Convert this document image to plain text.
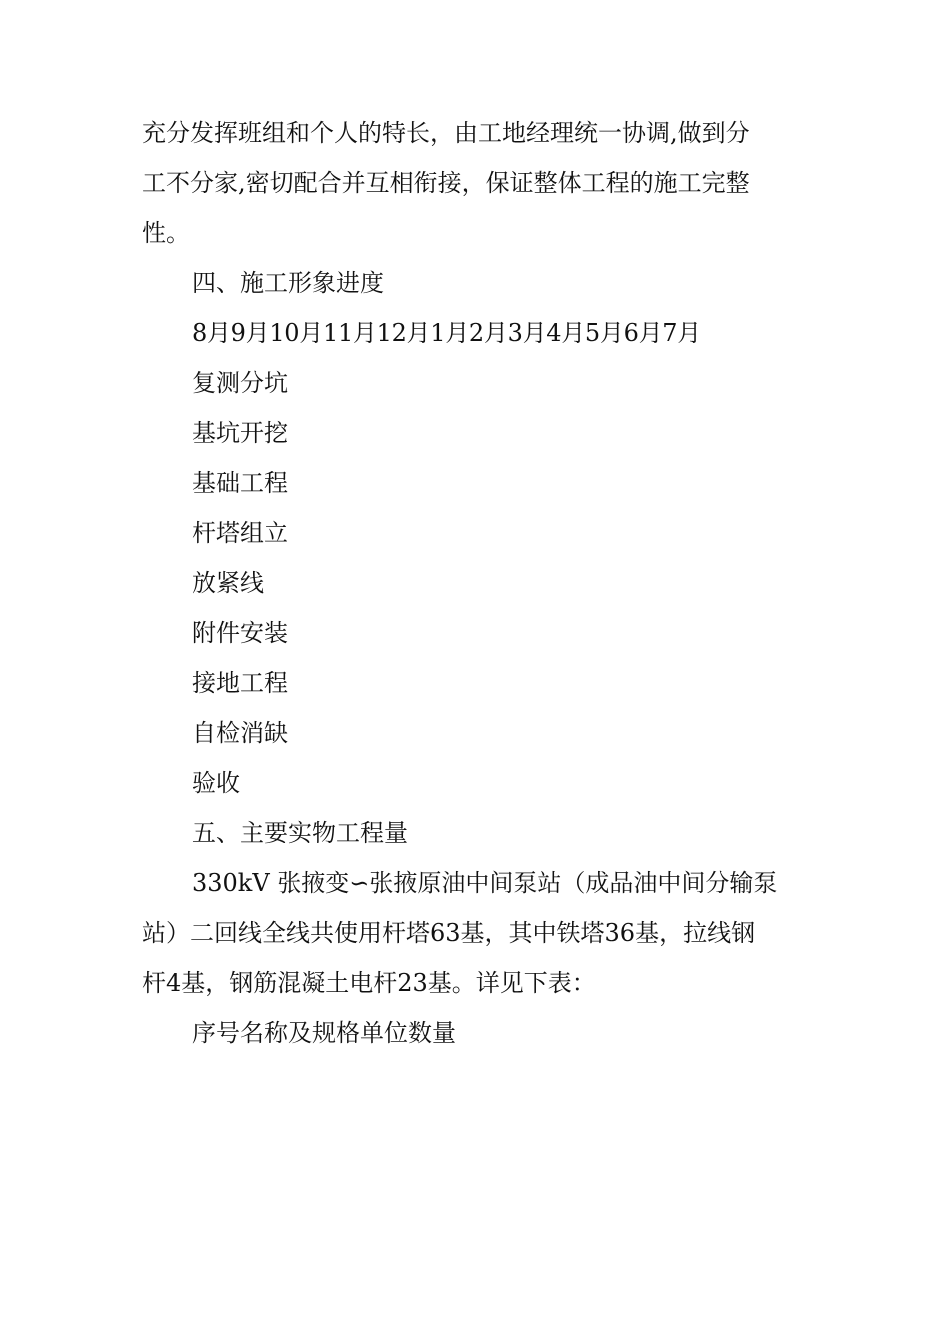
充分发挥班组和个人的特长，由工地经理统一协调,做到分
工不分家,密切配合并互相衔接，保证整体工程的施工完整
性。
四、施工形象进度
8月9月10月11月12月1月2月3月4月5月6月7月
复测分坑
基坑开挖
基础工程
杆塔组立
放紧线
附件安装
接地工程
自检消缺
验收
五、主要实物工程量
330kV 张掖变∽张掖原油中间泵站（成品油中间分输泵
站）二回线全线共使用杆塔63基，其中铁塔36基，拉线钢
杆4基，钢筋混凝土电杆23基。详见下表：
序号名称及规格单位数量
